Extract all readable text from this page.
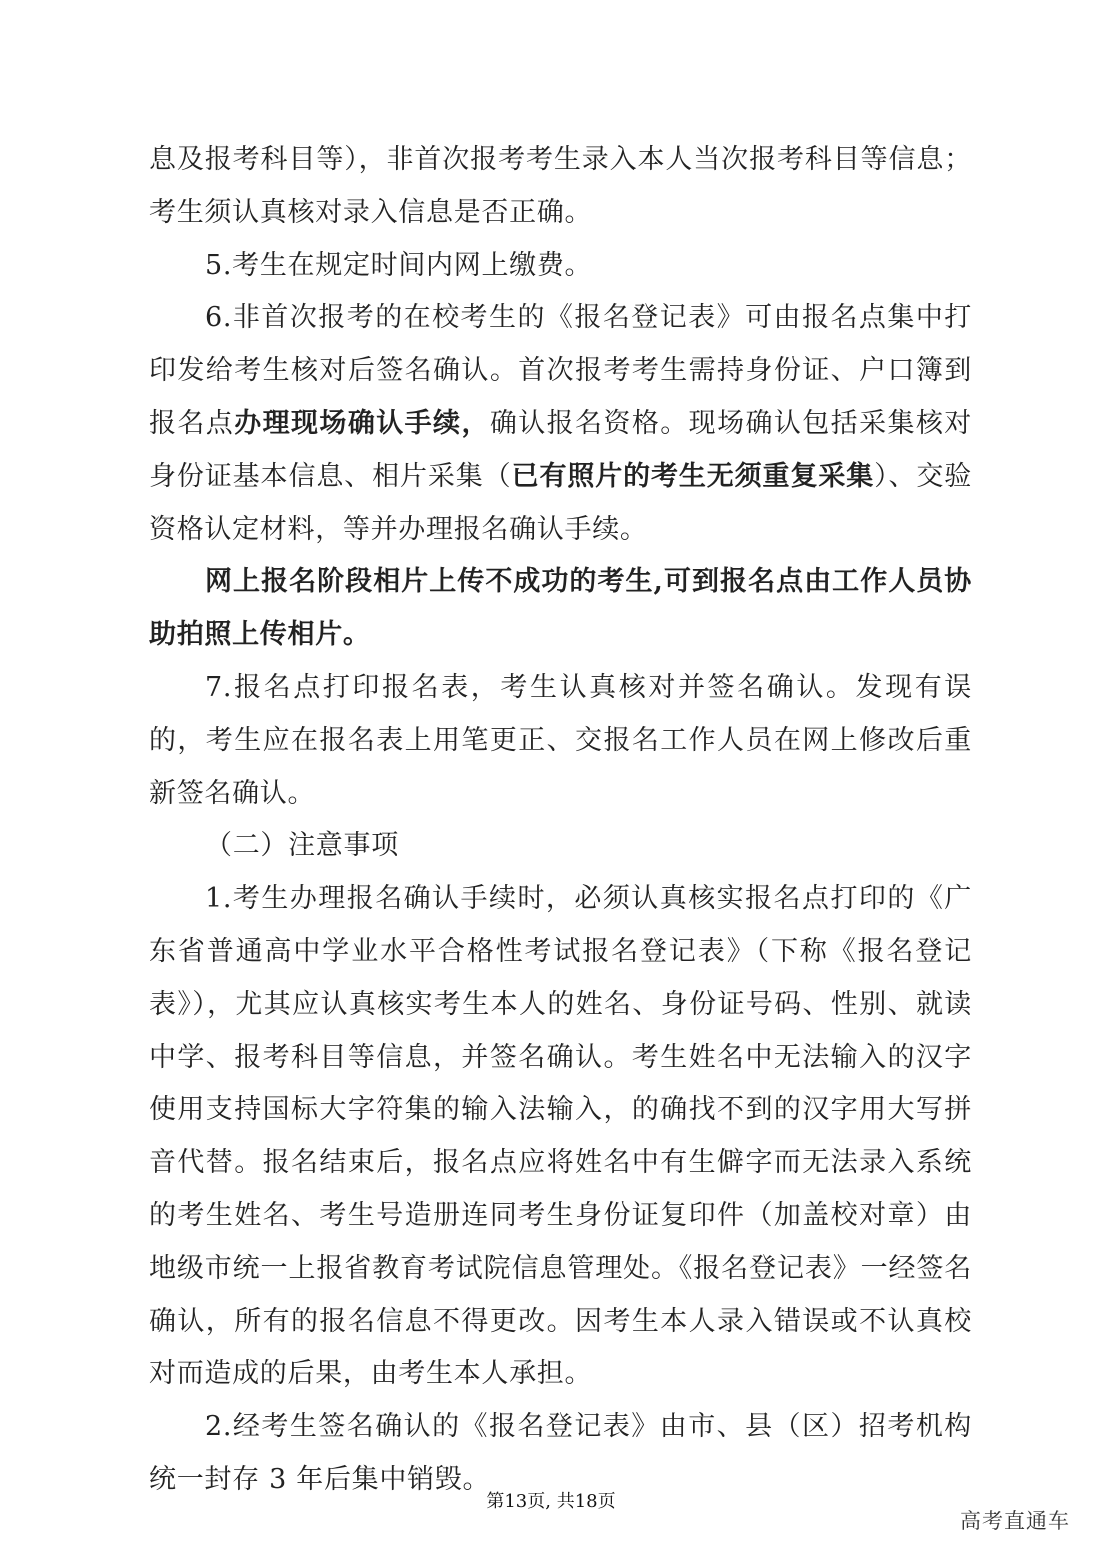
息及报考科目等），非首次报考考生录入本人当次报考科目等信息；考生须认真核对录入信息是否正确。

5.考生在规定时间内网上缴费。

6.非首次报考的在校考生的《报名登记表》可由报名点集中打印发给考生核对后签名确认。首次报考考生需持身份证、户口簿到报名点办理现场确认手续，确认报名资格。现场确认包括采集核对身份证基本信息、相片采集（已有照片的考生无须重复采集）、交验资格认定材料，等并办理报名确认手续。

网上报名阶段相片上传不成功的考生,可到报名点由工作人员协助拍照上传相片。

7.报名点打印报名表，考生认真核对并签名确认。发现有误的，考生应在报名表上用笔更正、交报名工作人员在网上修改后重新签名确认。

（二）注意事项

1.考生办理报名确认手续时，必须认真核实报名点打印的《广东省普通高中学业水平合格性考试报名登记表》（下称《报名登记表》），尤其应认真核实考生本人的姓名、身份证号码、性别、就读中学、报考科目等信息，并签名确认。考生姓名中无法输入的汉字使用支持国标大字符集的输入法输入，的确找不到的汉字用大写拼音代替。报名结束后，报名点应将姓名中有生僻字而无法录入系统的考生姓名、考生号造册连同考生身份证复印件（加盖校对章）由地级市统一上报省教育考试院信息管理处。《报名登记表》一经签名确认，所有的报名信息不得更改。因考生本人录入错误或不认真校对而造成的后果，由考生本人承担。

2.经考生签名确认的《报名登记表》由市、县（区）招考机构统一封存 3 年后集中销毁。

第13页, 共18页
高考直通车
